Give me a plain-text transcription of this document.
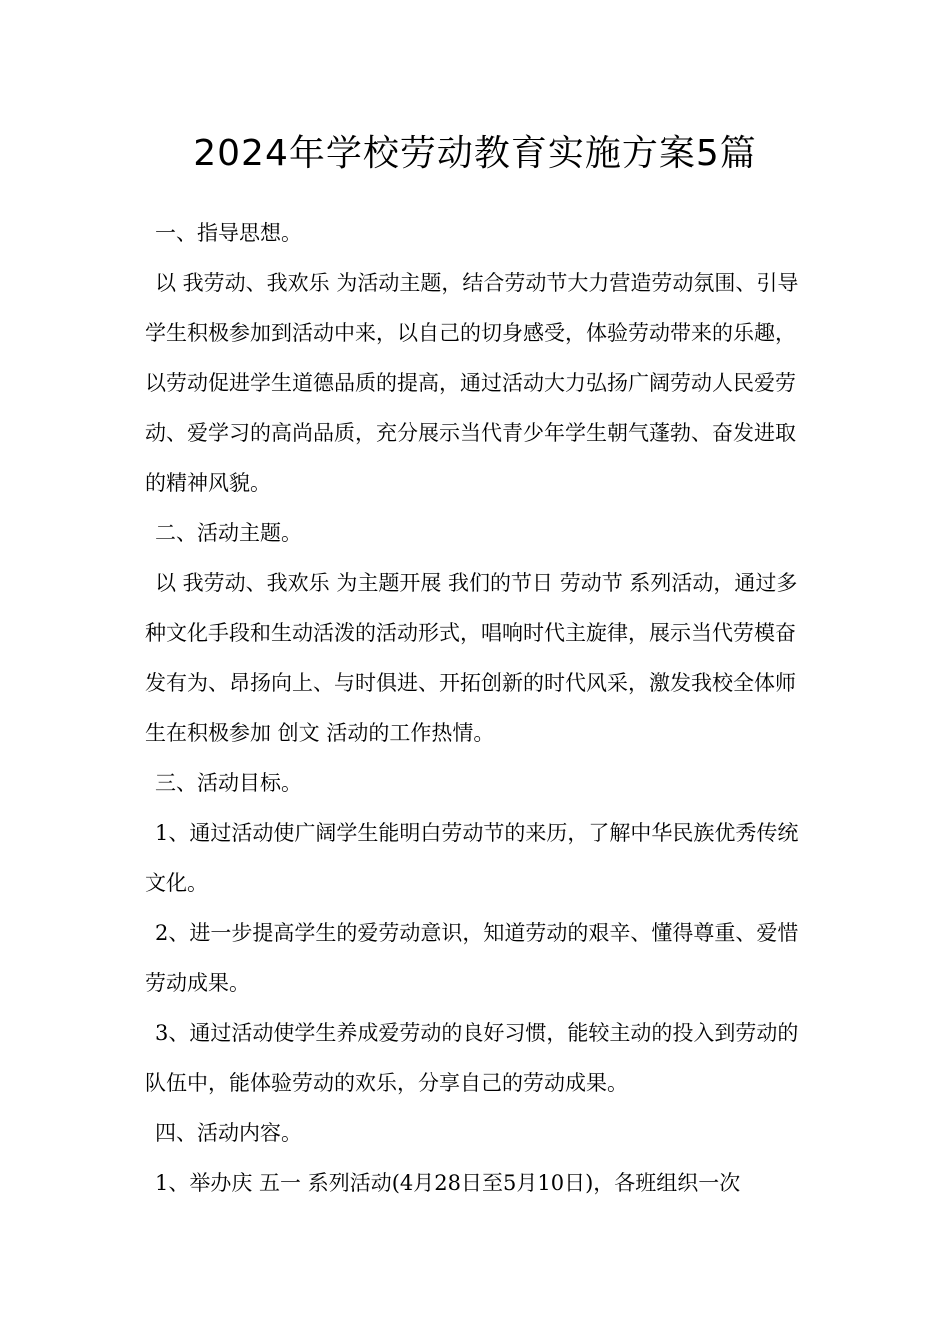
2024年学校劳动教育实施方案5篇

一、指导思想。

以 我劳动、我欢乐 为活动主题，结合劳动节大力营造劳动氛围、引导学生积极参加到活动中来，以自己的切身感受，体验劳动带来的乐趣，以劳动促进学生道德品质的提高，通过活动大力弘扬广阔劳动人民爱劳动、爱学习的高尚品质，充分展示当代青少年学生朝气蓬勃、奋发进取的精神风貌。

二、活动主题。

以 我劳动、我欢乐 为主题开展 我们的节日 劳动节 系列活动，通过多种文化手段和生动活泼的活动形式，唱响时代主旋律，展示当代劳模奋发有为、昂扬向上、与时俱进、开拓创新的时代风采，激发我校全体师生在积极参加 创文 活动的工作热情。

三、活动目标。

1、通过活动使广阔学生能明白劳动节的来历，了解中华民族优秀传统文化。

2、进一步提高学生的爱劳动意识，知道劳动的艰辛、懂得尊重、爱惜劳动成果。

3、通过活动使学生养成爱劳动的良好习惯，能较主动的投入到劳动的队伍中，能体验劳动的欢乐，分享自己的劳动成果。

四、活动内容。

1、举办庆 五一 系列活动(4月28日至5月10日)，各班组织一次
